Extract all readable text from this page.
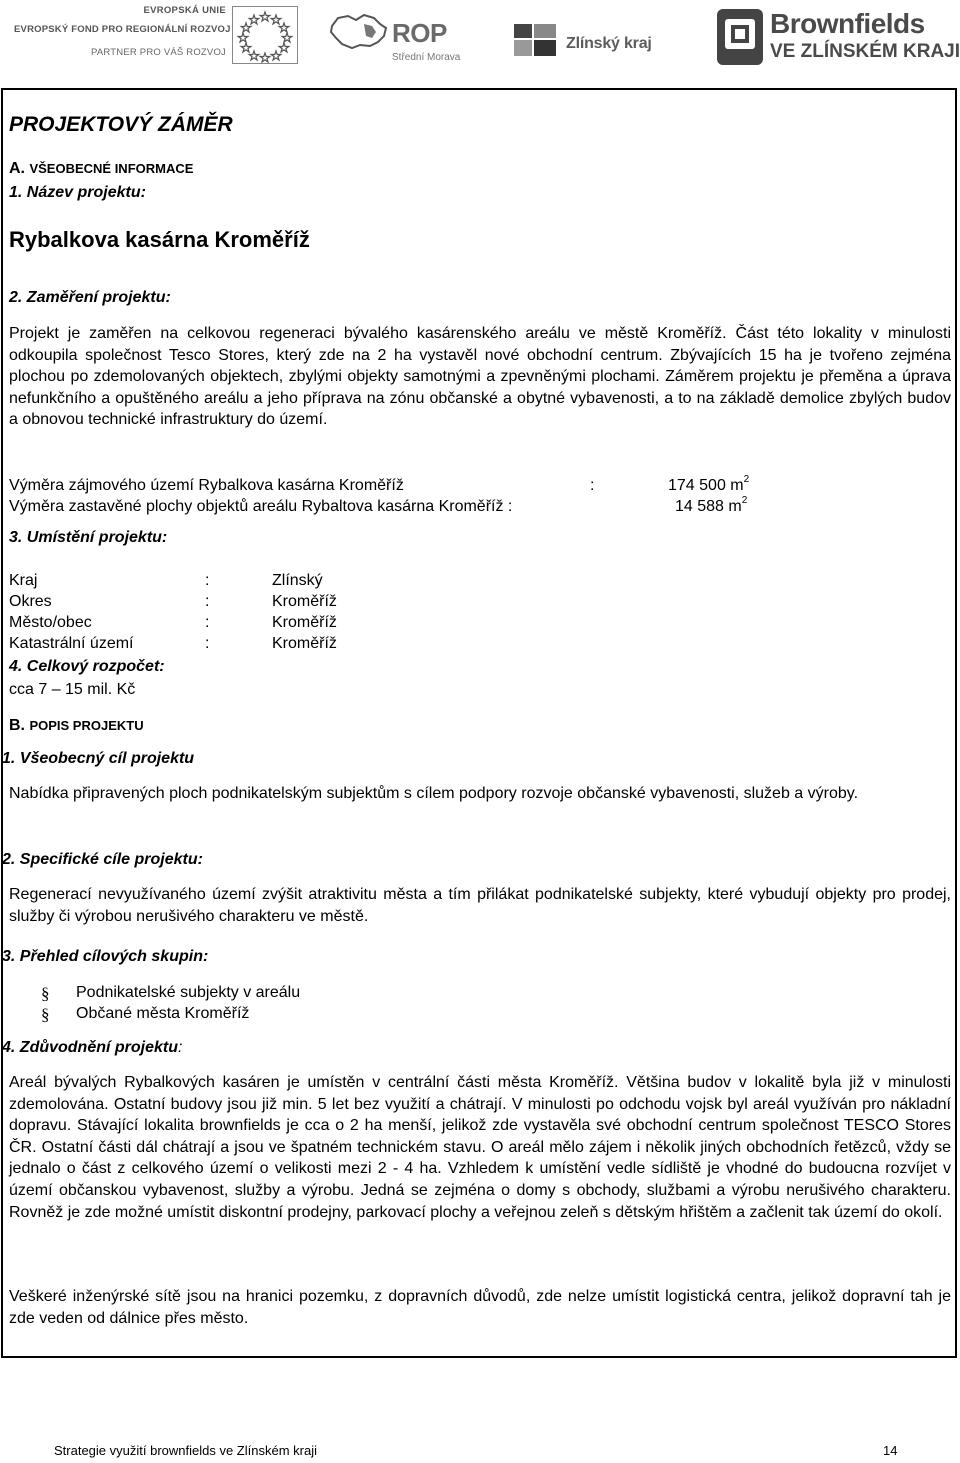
EVROPSKÁ UNIE
EVROPSKÝ FOND PRO REGIONÁLNÍ ROZVOJ
PARTNER PRO VÁŠ ROZVOJ
ROP
Střední Morava
Zlínský kraj
Brownfields
VE ZLÍNSKÉM KRAJI
PROJEKTOVÝ ZÁMĚR
A. VŠEOBECNÉ INFORMACE
1. Název projektu:
Rybalkova kasárna Kroměříž
2. Zaměření projektu:

Projekt je zaměřen na celkovou regeneraci bývalého kasárenského areálu ve městě Kroměříž. Část této lokality v minulosti odkoupila společnost Tesco Stores, který zde na 2 ha vystavěl nové obchodní centrum. Zbývajících 15 ha je tvořeno zejména plochou po zdemolovaných objektech, zbylými objekty samotnými a zpevněnými plochami. Záměrem projektu je přeměna a úprava nefunkčního a opuštěného areálu a jeho příprava na zónu občanské a obytné vybavenosti, a to na základě demolice zbylých budov a obnovou technické infrastruktury do území.

Výměra zájmového území Rybalkova kasárna Kroměříž	:	174 500 $m^2$
Výměra zastavěné plochy objektů areálu Rybaltova kasárna Kroměříž :	14 588 $m^2$
3. Umístění projektu:
Kraj	:	Zlínský
Okres	:	Kroměříž
Město/obec	:	Kroměříž
Katastrální území	:	Kroměříž
4. Celkový rozpočet:
cca 7 – 15 mil. Kč
B. POPIS PROJEKTU
1. Všeobecný cíl projektu

Nabídka připravených ploch podnikatelským subjektům s cílem podpory rozvoje občanské vybavenosti, služeb a výroby.

2. Specifické cíle projektu:

Regenerací nevyužívaného území zvýšit atraktivitu města a tím přilákat podnikatelské subjekty, které vybudují objekty pro prodej, služby či výrobou nerušivého charakteru ve městě.

3. Přehled cílových skupin:
§ Podnikatelské subjekty v areálu
§ Občané města Kroměříž
4. Zdůvodnění projektu:

Areál bývalých Rybalkových kasáren je umístěn v centrální části města Kroměříž. Většina budov v lokalitě byla již v minulosti zdemolována. Ostatní budovy jsou již min. 5 let bez využití a chátrají. V minulosti po odchodu vojsk byl areál využíván pro nákladní dopravu. Stávající lokalita brownfields je cca o 2 ha menší, jelikož zde vystavěla své obchodní centrum společnost TESCO Stores ČR. Ostatní části dál chátrají a jsou ve špatném technickém stavu. O areál mělo zájem i několik jiných obchodních řetězců, vždy se jednalo o část z celkového území o velikosti mezi 2 - 4 ha. Vzhledem k umístění vedle sídliště je vhodné do budoucna rozvíjet v území občanskou vybavenost, služby a výrobu. Jedná se zejména o domy s obchody, službami a výrobu nerušivého charakteru. Rovněž je zde možné umístit diskontní prodejny, parkovací plochy a veřejnou zeleň s dětským hřištěm a začlenit tak území do okolí.

Veškeré inženýrské sítě jsou na hranici pozemku, z dopravních důvodů, zde nelze umístit logistická centra, jelikož dopravní tah je zde veden od dálnice přes město.

Strategie využití brownfields ve Zlínském kraji	14
